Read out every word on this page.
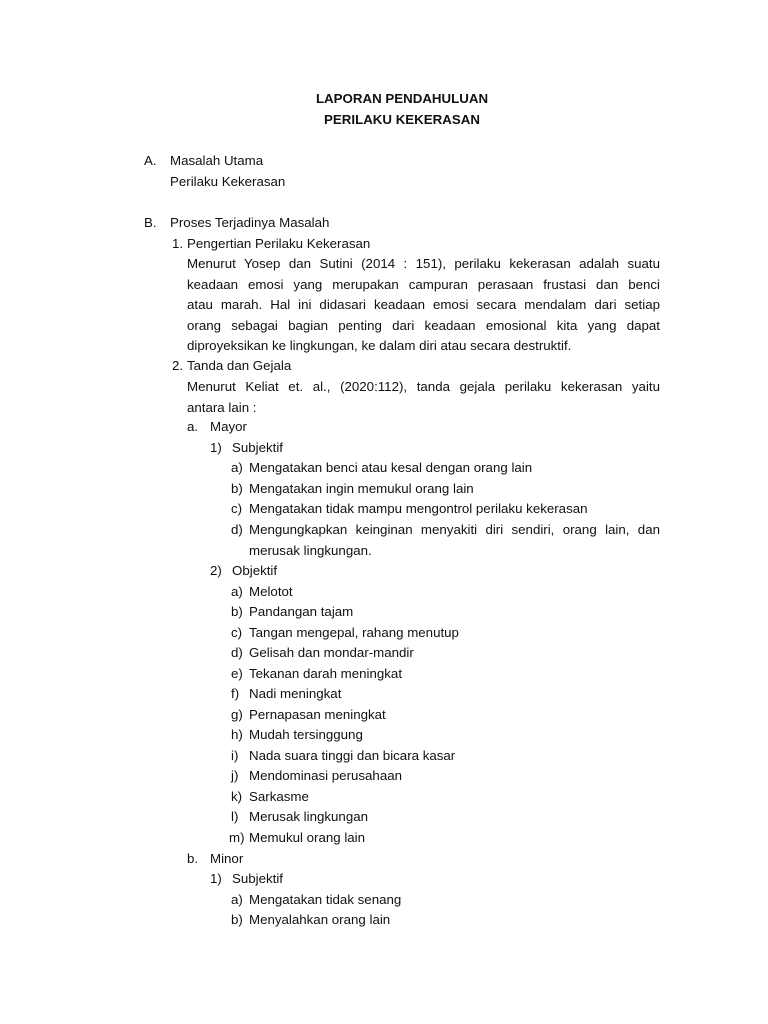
LAPORAN PENDAHULUAN
PERILAKU KEKERASAN
A. Masalah Utama
Perilaku Kekerasan
B. Proses Terjadinya Masalah
1. Pengertian Perilaku Kekerasan
Menurut Yosep dan Sutini (2014 : 151), perilaku kekerasan adalah suatu
keadaan emosi yang merupakan campuran perasaan frustasi dan benci
atau marah. Hal ini didasari keadaan emosi secara mendalam dari setiap
orang sebagai bagian penting dari keadaan emosional kita yang dapat
diproyeksikan ke lingkungan, ke dalam diri atau secara destruktif.
2. Tanda dan Gejala
Menurut Keliat et. al., (2020:112), tanda gejala perilaku kekerasan yaitu
antara lain :
a. Mayor
1) Subjektif
a) Mengatakan benci atau kesal dengan orang lain
b) Mengatakan ingin memukul orang lain
c) Mengatakan tidak mampu mengontrol perilaku kekerasan
d) Mengungkapkan keinginan menyakiti diri sendiri, orang lain, dan
merusak lingkungan.
2) Objektif
a) Melotot
b) Pandangan tajam
c) Tangan mengepal, rahang menutup
d) Gelisah dan mondar-mandir
e) Tekanan darah meningkat
f) Nadi meningkat
g) Pernapasan meningkat
h) Mudah tersinggung
i) Nada suara tinggi dan bicara kasar
j) Mendominasi perusahaan
k) Sarkasme
l) Merusak lingkungan
m) Memukul orang lain
b. Minor
1) Subjektif
a) Mengatakan tidak senang
b) Menyalahkan orang lain
